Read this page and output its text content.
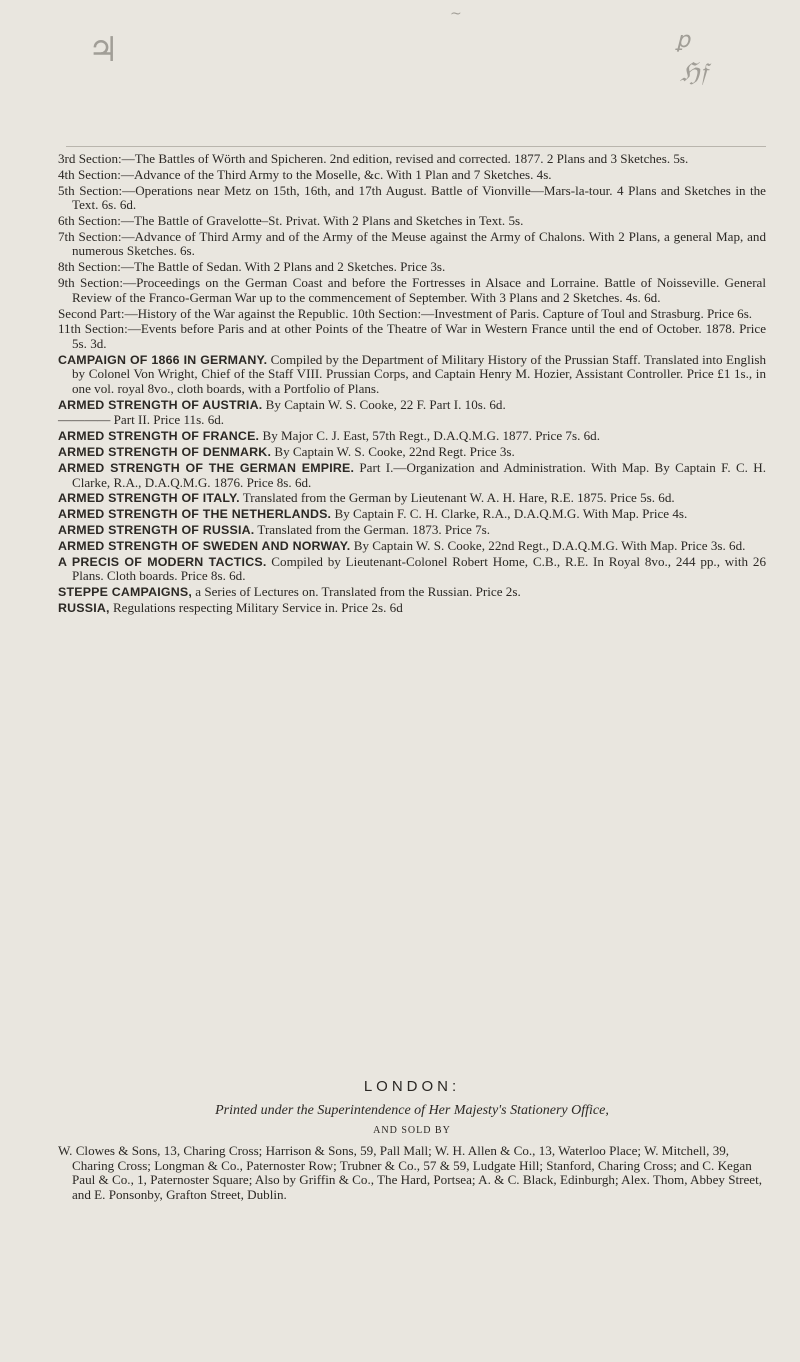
♃	ꝑ
ℌ𝔣
~

3rd Section:—The Battles of Wörth and Spicheren. 2nd edition, revised and corrected. 1877. 2 Plans and 3 Sketches. 5s.

4th Section:—Advance of the Third Army to the Moselle, &c. With 1 Plan and 7 Sketches. 4s.

5th Section:—Operations near Metz on 15th, 16th, and 17th August. Battle of Vionville—Mars-la-tour. 4 Plans and Sketches in the Text. 6s. 6d.

6th Section:—The Battle of Gravelotte–St. Privat. With 2 Plans and Sketches in Text. 5s.

7th Section:—Advance of Third Army and of the Army of the Meuse against the Army of Chalons. With 2 Plans, a general Map, and numerous Sketches. 6s.

8th Section:—The Battle of Sedan. With 2 Plans and 2 Sketches. Price 3s.

9th Section:—Proceedings on the German Coast and before the Fortresses in Alsace and Lorraine. Battle of Noisseville. General Review of the Franco-German War up to the commencement of September. With 3 Plans and 2 Sketches. 4s. 6d.

Second Part:—History of the War against the Republic. 10th Section:—Investment of Paris. Capture of Toul and Strasburg. Price 6s.

11th Section:—Events before Paris and at other Points of the Theatre of War in Western France until the end of October. 1878. Price 5s. 3d.

CAMPAIGN OF 1866 IN GERMANY. Compiled by the Department of Military History of the Prussian Staff. Translated into English by Colonel Von Wright, Chief of the Staff VIII. Prussian Corps, and Captain Henry M. Hozier, Assistant Controller. Price £1 1s., in one vol. royal 8vo., cloth boards, with a Portfolio of Plans.

ARMED STRENGTH OF AUSTRIA. By Captain W. S. Cooke, 22 F. Part I. 10s. 6d.

———— Part II. Price 11s. 6d.

ARMED STRENGTH OF FRANCE. By Major C. J. East, 57th Regt., D.A.Q.M.G. 1877. Price 7s. 6d.

ARMED STRENGTH OF DENMARK. By Captain W. S. Cooke, 22nd Regt. Price 3s.

ARMED STRENGTH OF THE GERMAN EMPIRE. Part I.—Organization and Administration. With Map. By Captain F. C. H. Clarke, R.A., D.A.Q.M.G. 1876. Price 8s. 6d.

ARMED STRENGTH OF ITALY. Translated from the German by Lieutenant W. A. H. Hare, R.E. 1875. Price 5s. 6d.

ARMED STRENGTH OF THE NETHERLANDS. By Captain F. C. H. Clarke, R.A., D.A.Q.M.G. With Map. Price 4s.

ARMED STRENGTH OF RUSSIA. Translated from the German. 1873. Price 7s.

ARMED STRENGTH OF SWEDEN AND NORWAY. By Captain W. S. Cooke, 22nd Regt., D.A.Q.M.G. With Map. Price 3s. 6d.

A PRECIS OF MODERN TACTICS. Compiled by Lieutenant-Colonel Robert Home, C.B., R.E. In Royal 8vo., 244 pp., with 26 Plans. Cloth boards. Price 8s. 6d.

STEPPE CAMPAIGNS, a Series of Lectures on. Translated from the Russian. Price 2s.

RUSSIA, Regulations respecting Military Service in. Price 2s. 6d

LONDON:
Printed under the Superintendence of Her Majesty's Stationery Office,
AND SOLD BY

W. Clowes & Sons, 13, Charing Cross; Harrison & Sons, 59, Pall Mall; W. H. Allen & Co., 13, Waterloo Place; W. Mitchell, 39, Charing Cross; Longman & Co., Paternoster Row; Trubner & Co., 57 & 59, Ludgate Hill; Stanford, Charing Cross; and C. Kegan Paul & Co., 1, Paternoster Square; Also by Griffin & Co., The Hard, Portsea; A. & C. Black, Edinburgh; Alex. Thom, Abbey Street, and E. Ponsonby, Grafton Street, Dublin.
